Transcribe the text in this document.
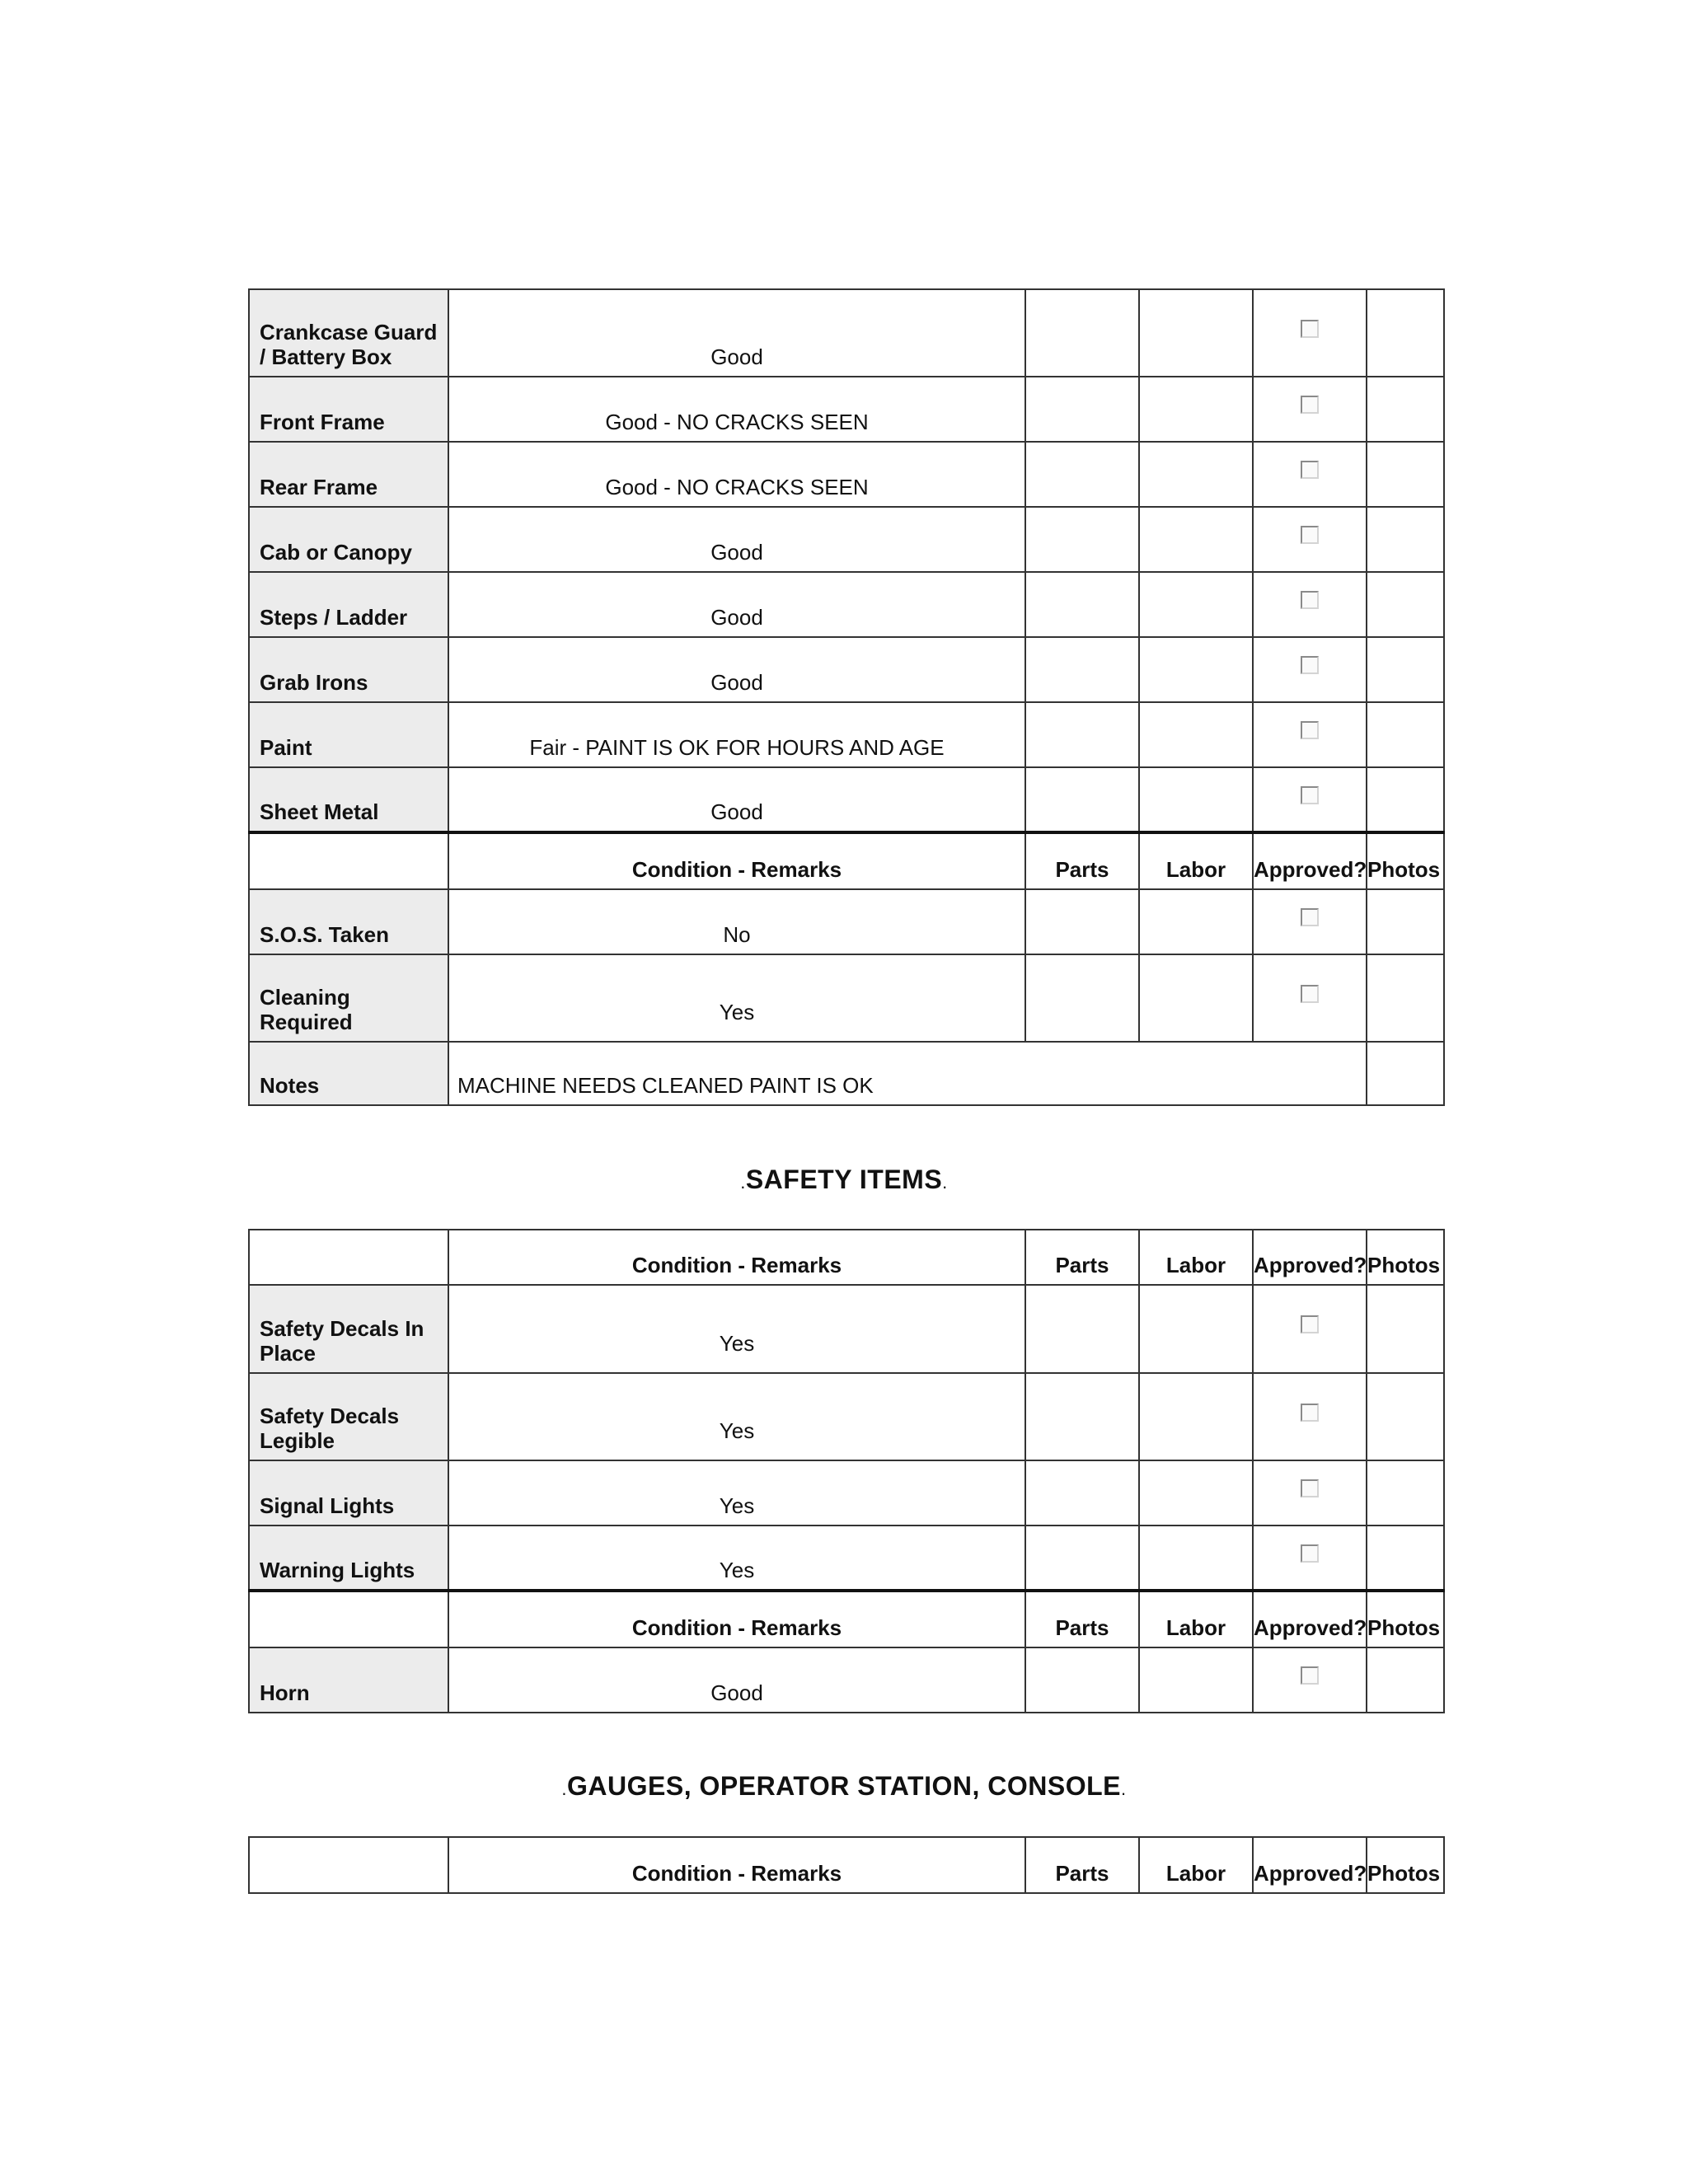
Crankcase Guard / Battery Box	Good				
Front Frame	Good - NO CRACKS SEEN				
Rear Frame	Good - NO CRACKS SEEN				
Cab or Canopy	Good				
Steps / Ladder	Good				
Grab Irons	Good				
Paint	Fair - PAINT IS OK FOR HOURS AND AGE				
Sheet Metal	Good				
	Condition - Remarks	Parts	Labor	Approved?	Photos
S.O.S. Taken	No				
Cleaning Required	Yes				
Notes	MACHINE NEEDS CLEANED PAINT IS OK				
.SAFETY ITEMS.
	Condition - Remarks	Parts	Labor	Approved?	Photos
Safety Decals In Place	Yes				
Safety Decals Legible	Yes				
Signal Lights	Yes				
Warning Lights	Yes				
	Condition - Remarks	Parts	Labor	Approved?	Photos
Horn	Good				
.GAUGES, OPERATOR STATION, CONSOLE.
	Condition - Remarks	Parts	Labor	Approved?	Photos
